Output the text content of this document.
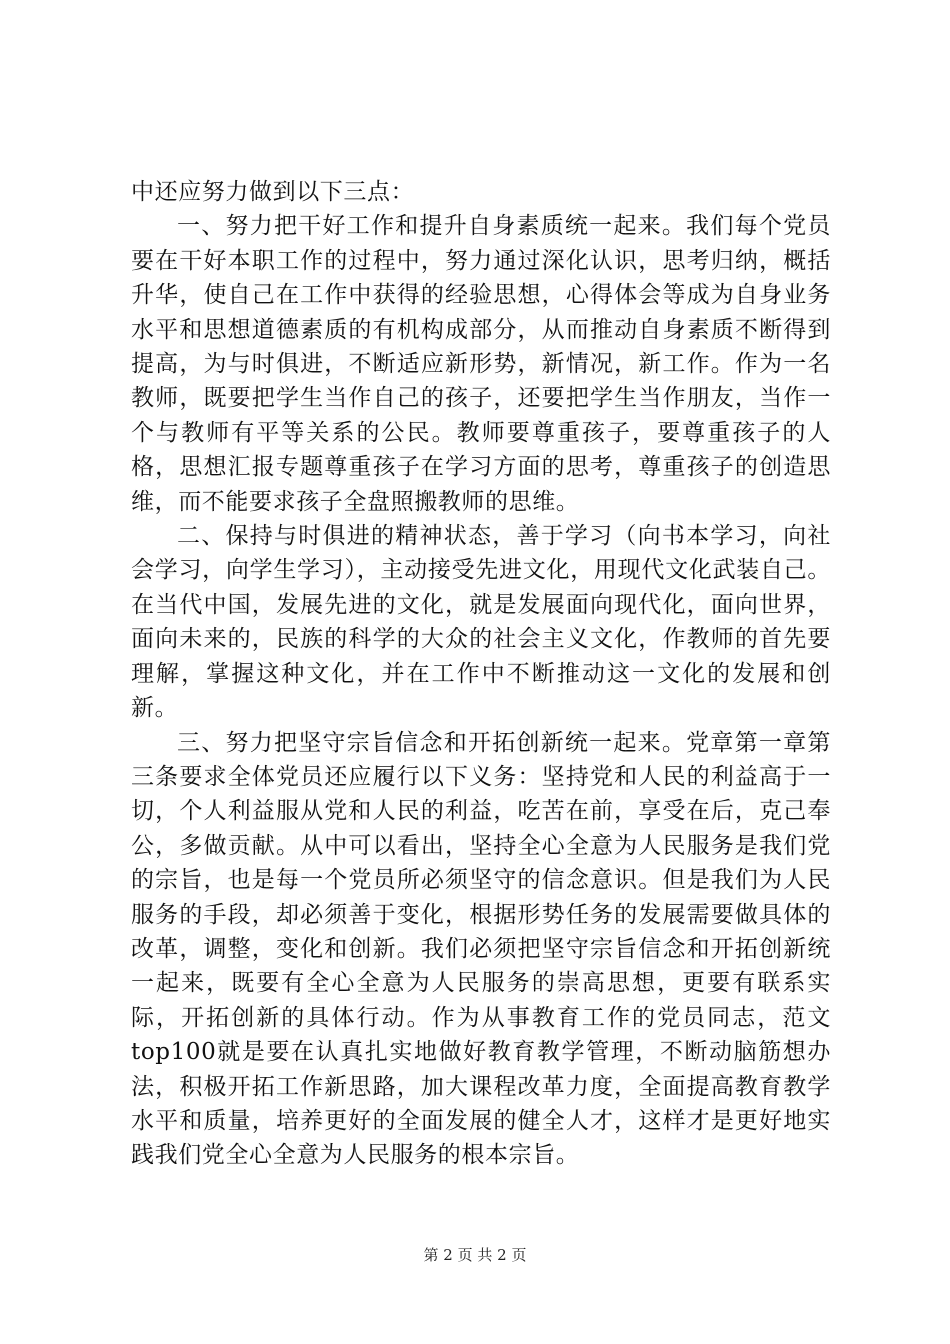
中还应努力做到以下三点：

一、努力把干好工作和提升自身素质统一起来。我们每个党员要在干好本职工作的过程中，努力通过深化认识，思考归纳，概括升华，使自己在工作中获得的经验思想，心得体会等成为自身业务水平和思想道德素质的有机构成部分，从而推动自身素质不断得到提高，为与时俱进，不断适应新形势，新情况，新工作。作为一名教师，既要把学生当作自己的孩子，还要把学生当作朋友，当作一个与教师有平等关系的公民。教师要尊重孩子，要尊重孩子的人格，思想汇报专题尊重孩子在学习方面的思考，尊重孩子的创造思维，而不能要求孩子全盘照搬教师的思维。

二、保持与时俱进的精神状态，善于学习（向书本学习，向社会学习，向学生学习），主动接受先进文化，用现代文化武装自己。在当代中国，发展先进的文化，就是发展面向现代化，面向世界，面向未来的，民族的科学的大众的社会主义文化，作教师的首先要理解，掌握这种文化，并在工作中不断推动这一文化的发展和创新。

三、努力把坚守宗旨信念和开拓创新统一起来。党章第一章第三条要求全体党员还应履行以下义务：坚持党和人民的利益高于一切，个人利益服从党和人民的利益，吃苦在前，享受在后，克己奉公，多做贡献。从中可以看出，坚持全心全意为人民服务是我们党的宗旨，也是每一个党员所必须坚守的信念意识。但是我们为人民服务的手段，却必须善于变化，根据形势任务的发展需要做具体的改革，调整，变化和创新。我们必须把坚守宗旨信念和开拓创新统一起来，既要有全心全意为人民服务的崇高思想，更要有联系实际，开拓创新的具体行动。作为从事教育工作的党员同志，范文top100就是要在认真扎实地做好教育教学管理，不断动脑筋想办法，积极开拓工作新思路，加大课程改革力度，全面提高教育教学水平和质量，培养更好的全面发展的健全人才，这样才是更好地实践我们党全心全意为人民服务的根本宗旨。

第 2 页 共 2 页
